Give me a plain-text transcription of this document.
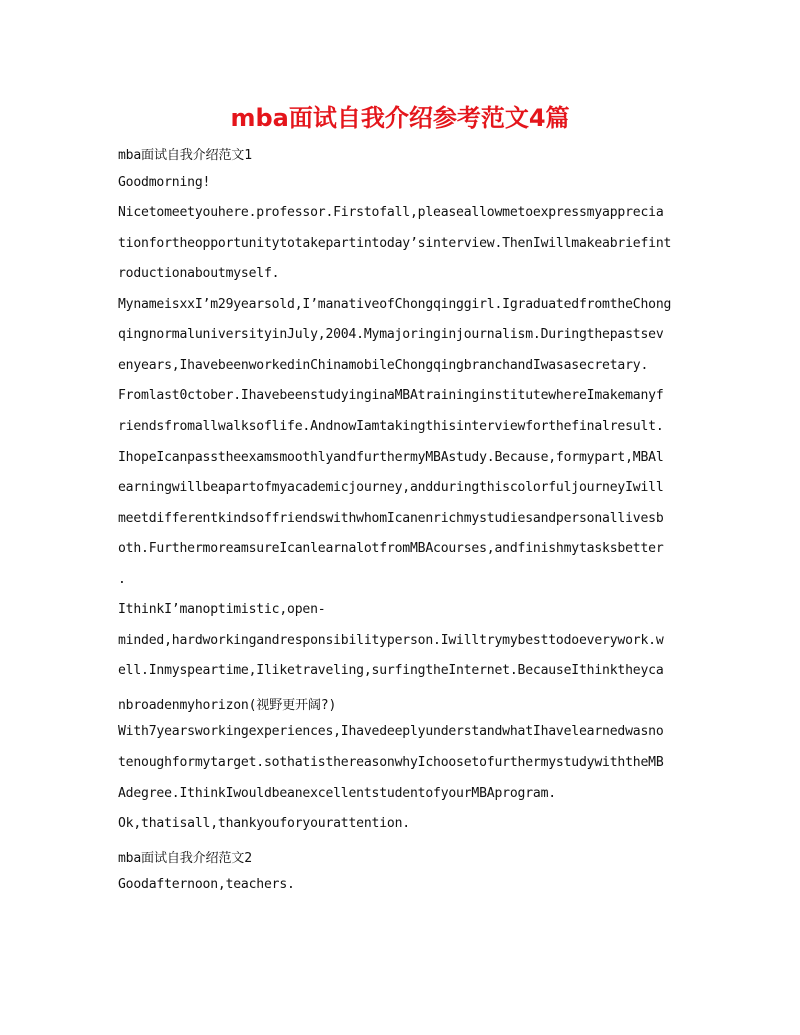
mba面试自我介绍参考范文4篇
mba面试自我介绍范文1
Goodmorning!
Nicetomeetyouhere.professor.Firstofall,pleaseallowmetoexpressmyapprecia
tionfortheopportunitytotakepartintoday’sinterview.ThenIwillmakeabriefint
roductionaboutmyself.
MynameisxxI’m29yearsold,I’manativeofChongqinggirl.IgraduatedfromtheChong
qingnormaluniversityinJuly,2004.Mymajoringinjournalism.Duringthepastsev
enyears,IhavebeenworkedinChinamobileChongqingbranchandIwasasecretary.
Fromlast0ctober.IhavebeenstudyinginaMBAtraininginstitutewhereImakemanyf
riendsfromallwalksoflife.AndnowIamtakingthisinterviewforthefinalresult.
IhopeIcanpasstheexamsmoothlyandfurthermyMBAstudy.Because,formypart,MBAl
earningwillbeapartofmyacademicjourney,andduringthiscolorfuljourneyIwill
meetdifferentkindsoffriendswithwhomIcanenrichmystudiesandpersonallivesb
oth.FurthermoreamsureIcanlearnalotfromMBAcourses,andfinishmytasksbetter
.
IthinkI’manoptimistic,open-
minded,hardworkingandresponsibilityperson.Iwilltrymybesttodoeverywork.w
ell.Inmyspeartime,Iliketraveling,surfingtheInternet.BecauseIthinktheyca
nbroadenmyhorizon(视野更开阔?)
With7yearsworkingexperiences,IhavedeeplyunderstandwhatIhavelearnedwasno
tenoughformytarget.sothatisthereasonwhyIchoosetofurthermystudywiththeMB
Adegree.IthinkIwouldbeanexcellentstudentofyourMBAprogram.
Ok,thatisall,thankyouforyourattention.
mba面试自我介绍范文2
Goodafternoon,teachers.
